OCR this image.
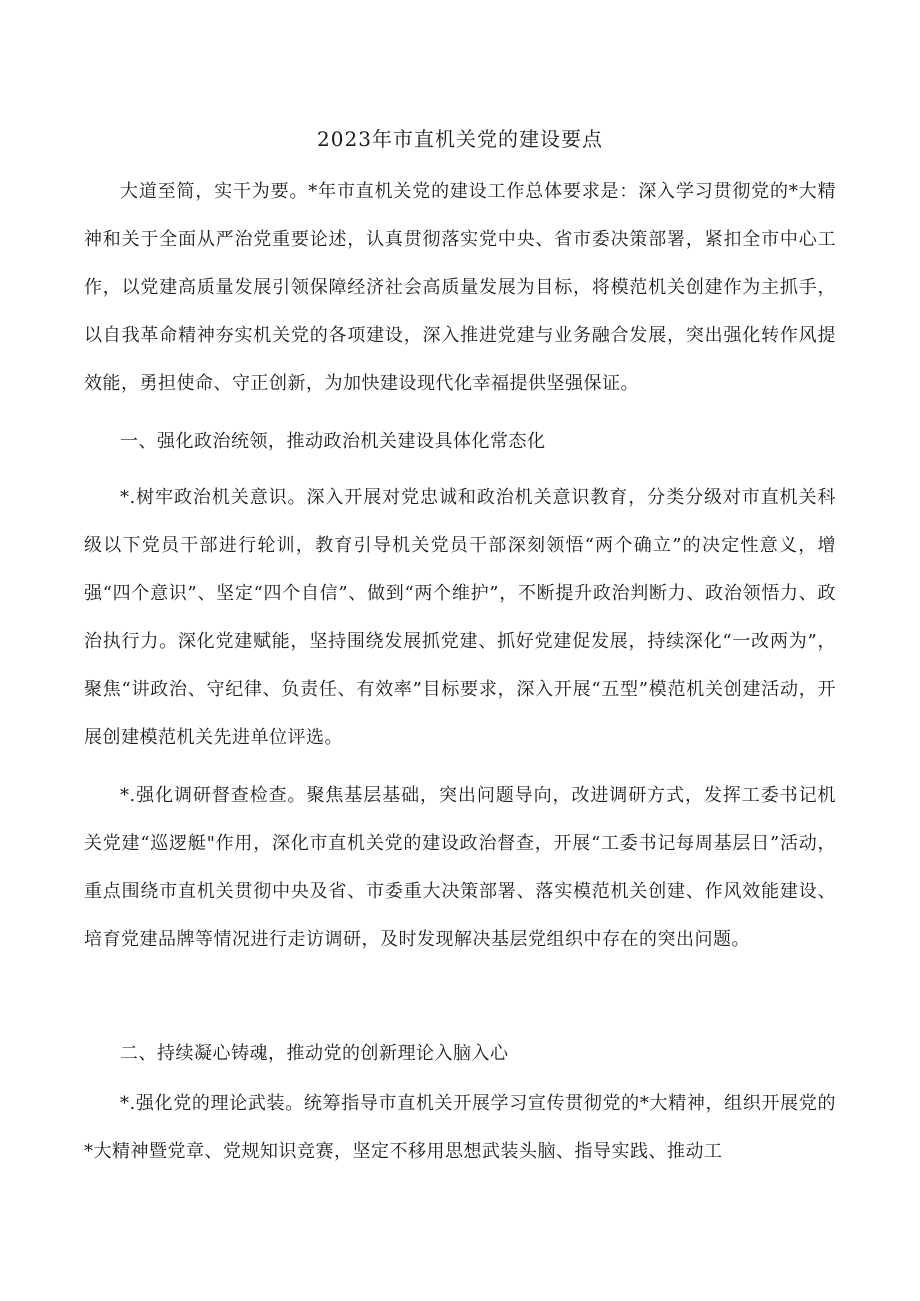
2023年市直机关党的建设要点

大道至简，实干为要。*年市直机关党的建设工作总体要求是：深入学习贯彻党的*大精神和关于全面从严治党重要论述，认真贯彻落实党中央、省市委决策部署，紧扣全市中心工作，以党建高质量发展引领保障经济社会高质量发展为目标，将模范机关创建作为主抓手，以自我革命精神夯实机关党的各项建设，深入推进党建与业务融合发展，突出强化转作风提效能，勇担使命、守正创新，为加快建设现代化幸福提供坚强保证。

一、强化政治统领，推动政治机关建设具体化常态化

*.树牢政治机关意识。深入开展对党忠诚和政治机关意识教育，分类分级对市直机关科级以下党员干部进行轮训，教育引导机关党员干部深刻领悟“两个确立”的决定性意义，增强“四个意识”、坚定“四个自信”、做到“两个维护”，不断提升政治判断力、政治领悟力、政治执行力。深化党建赋能，坚持围绕发展抓党建、抓好党建促发展，持续深化“一改两为”，聚焦“讲政治、守纪律、负责任、有效率”目标要求，深入开展“五型”模范机关创建活动，开展创建模范机关先进单位评选。

*.强化调研督查检查。聚焦基层基础，突出问题导向，改进调研方式，发挥工委书记机关党建“巡逻艇"作用，深化市直机关党的建设政治督查，开展“工委书记每周基层日”活动，重点围绕市直机关贯彻中央及省、市委重大决策部署、落实模范机关创建、作风效能建设、培育党建品牌等情况进行走访调研，及时发现解决基层党组织中存在的突出问题。

二、持续凝心铸魂，推动党的创新理论入脑入心

*.强化党的理论武装。统筹指导市直机关开展学习宣传贯彻党的*大精神，组织开展党的*大精神暨党章、党规知识竞赛，坚定不移用思想武装头脑、指导实践、推动工
